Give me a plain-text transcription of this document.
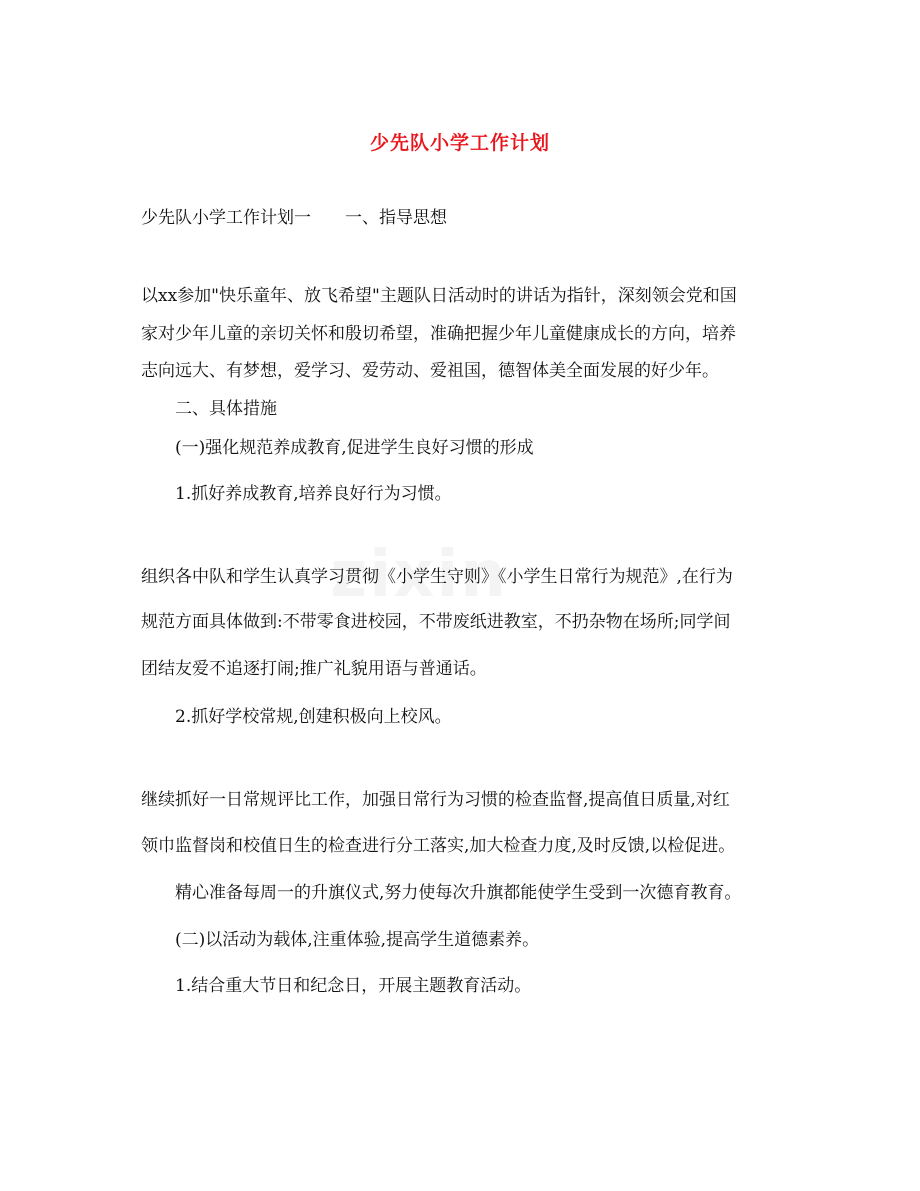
少先队小学工作计划
少先队小学工作计划一 一、指导思想
以xx参加"快乐童年、放飞希望"主题队日活动时的讲话为指针，深刻领会党和国
家对少年儿童的亲切关怀和殷切希望，准确把握少年儿童健康成长的方向，培养
志向远大、有梦想，爱学习、爱劳动、爱祖国，德智体美全面发展的好少年。
二、具体措施
(一)强化规范养成教育,促进学生良好习惯的形成
1.抓好养成教育,培养良好行为习惯。
组织各中队和学生认真学习贯彻《小学生守则》《小学生日常行为规范》,在行为
规范方面具体做到:不带零食进校园，不带废纸进教室，不扔杂物在场所;同学间
团结友爱不追逐打闹;推广礼貌用语与普通话。
2.抓好学校常规,创建积极向上校风。
继续抓好一日常规评比工作，加强日常行为习惯的检查监督,提高值日质量,对红
领巾监督岗和校值日生的检查进行分工落实,加大检查力度,及时反馈,以检促进。
精心准备每周一的升旗仪式,努力使每次升旗都能使学生受到一次德育教育。
(二)以活动为载体,注重体验,提高学生道德素养。
1.结合重大节日和纪念日，开展主题教育活动。
